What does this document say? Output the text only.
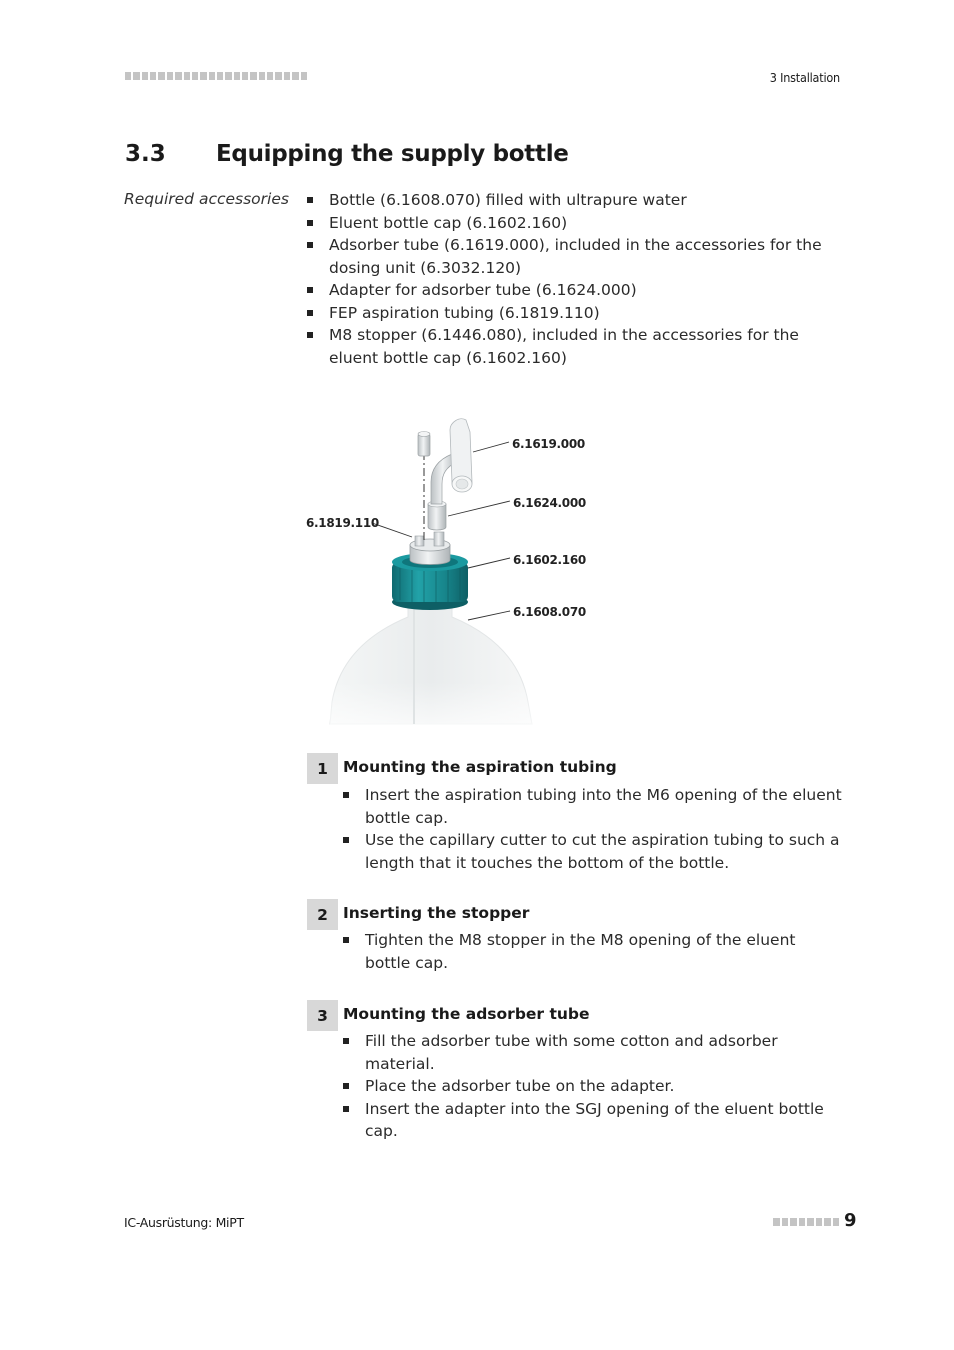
3 Installation
3.3 Equipping the supply bottle
Required accessories	Bottle (6.1608.070) filled with ultrapure water
Eluent bottle cap (6.1602.160)
Adsorber tube (6.1619.000), included in the accessories for the dosing unit (6.3032.120)
Adapter for adsorber tube (6.1624.000)
FEP aspiration tubing (6.1819.110)
M8 stopper (6.1446.080), included in the accessories for the eluent bottle cap (6.1602.160)
6.1619.000
6.1624.000
6.1819.110
6.1602.160
6.1608.070
1 Mounting the aspiration tubing
Insert the aspiration tubing into the M6 opening of the eluent bottle cap.
Use the capillary cutter to cut the aspiration tubing to such a length that it touches the bottom of the bottle.
2 Inserting the stopper
Tighten the M8 stopper in the M8 opening of the eluent bottle cap.
3 Mounting the adsorber tube
Fill the adsorber tube with some cotton and adsorber material.
Place the adsorber tube on the adapter.
Insert the adapter into the SGJ opening of the eluent bottle cap.
IC-Ausrüstung: MiPT	9
